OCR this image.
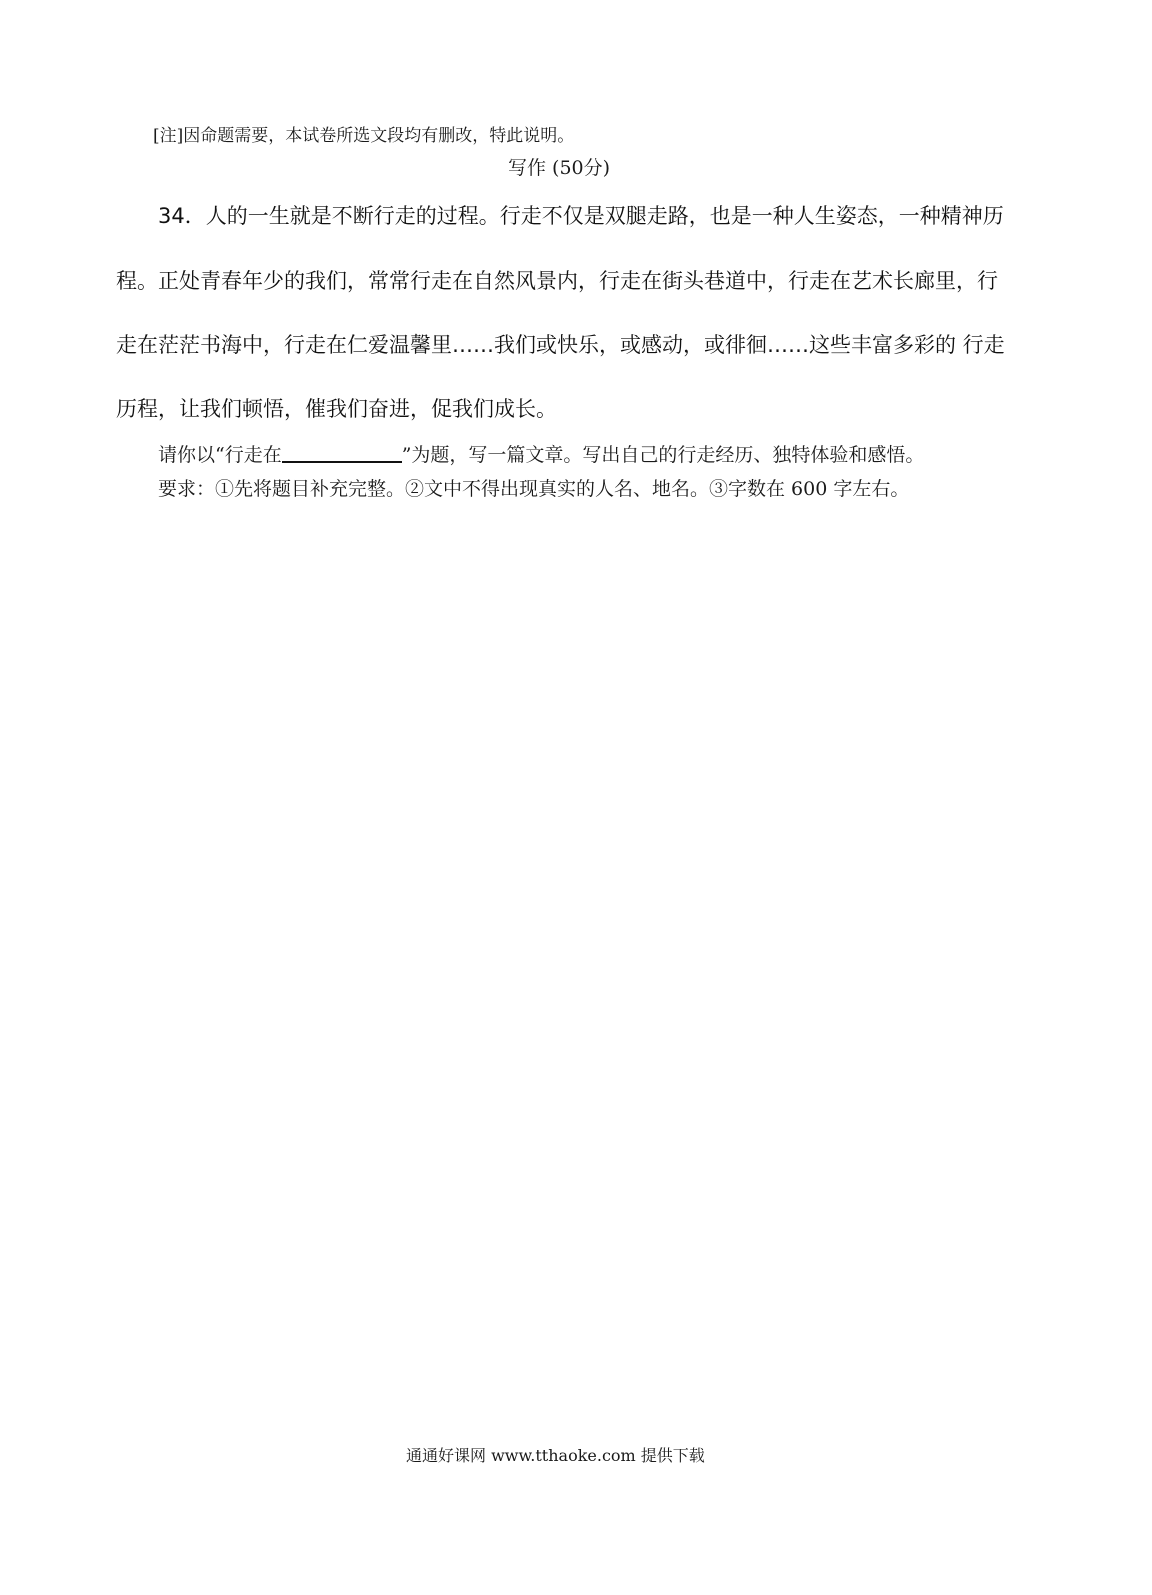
[注]因命题需要，本试卷所选文段均有删改，特此说明。
写作 (50分)
34．人的一生就是不断行走的过程。行走不仅是双腿走路，也是一种人生姿态，一种精神历
程。正处青春年少的我们，常常行走在自然风景内，行走在街头巷道中，行走在艺术长廊里，行
走在茫茫书海中，行走在仁爱温馨里……我们或快乐，或感动，或徘徊……这些丰富多彩的 行走
历程，让我们顿悟，催我们奋进，促我们成长。
请你以“行走在	”为题，写一篇文章。写出自己的行走经历、独特体验和感悟。
要求：①先将题目补充完整。②文中不得出现真实的人名、地名。③字数在 600 字左右。
通通好课网 www.tthaoke.com 提供下载
